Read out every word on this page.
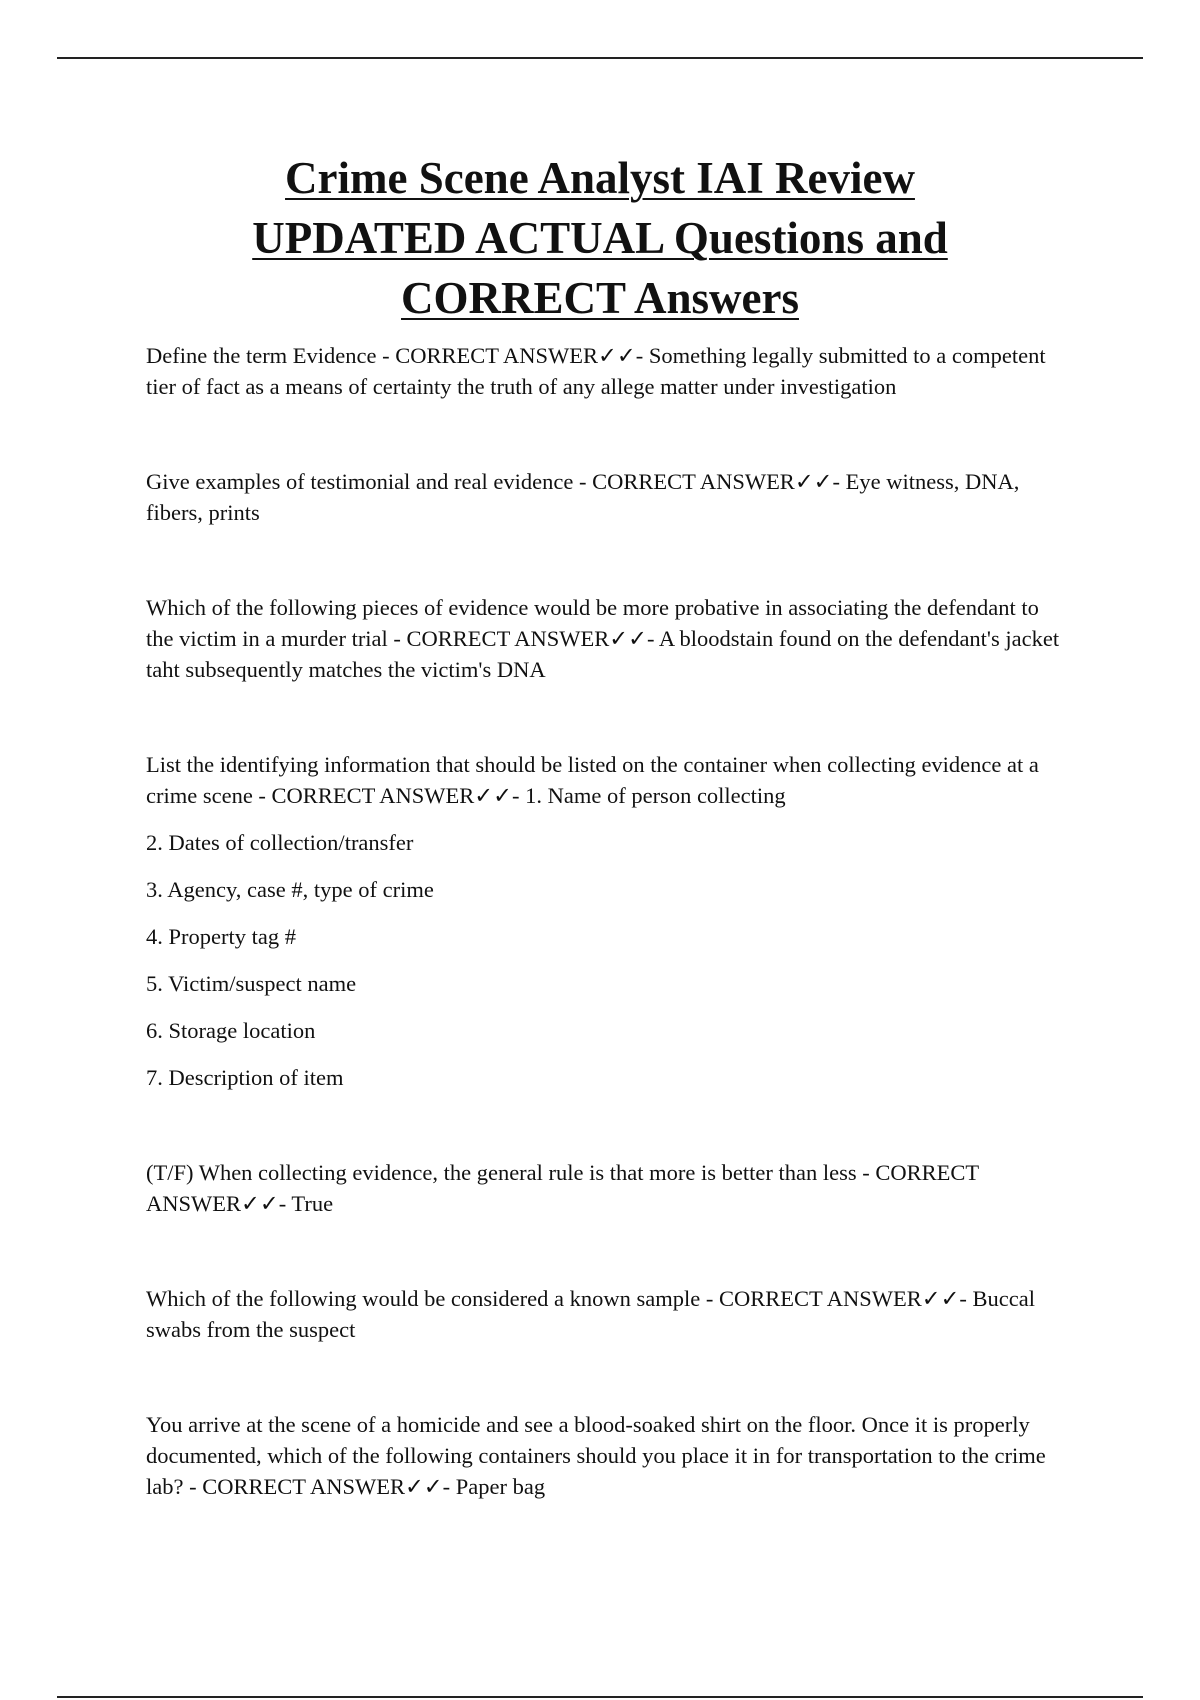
Crime Scene Analyst IAI Review
UPDATED ACTUAL Questions and
CORRECT Answers

Define the term Evidence - CORRECT ANSWER✓✓- Something legally submitted to a competent tier of fact as a means of certainty the truth of any allege matter under investigation

Give examples of testimonial and real evidence - CORRECT ANSWER✓✓- Eye witness, DNA, fibers, prints

Which of the following pieces of evidence would be more probative in associating the defendant to the victim in a murder trial - CORRECT ANSWER✓✓- A bloodstain found on the defendant's jacket taht subsequently matches the victim's DNA

List the identifying information that should be listed on the container when collecting evidence at a crime scene - CORRECT ANSWER✓✓- 1. Name of person collecting

2. Dates of collection/transfer

3. Agency, case #, type of crime

4. Property tag #

5. Victim/suspect name

6. Storage location

7. Description of item

(T/F) When collecting evidence, the general rule is that more is better than less - CORRECT ANSWER✓✓- True

Which of the following would be considered a known sample - CORRECT ANSWER✓✓- Buccal swabs from the suspect

You arrive at the scene of a homicide and see a blood-soaked shirt on the floor. Once it is properly documented, which of the following containers should you place it in for transportation to the crime lab? - CORRECT ANSWER✓✓- Paper bag
